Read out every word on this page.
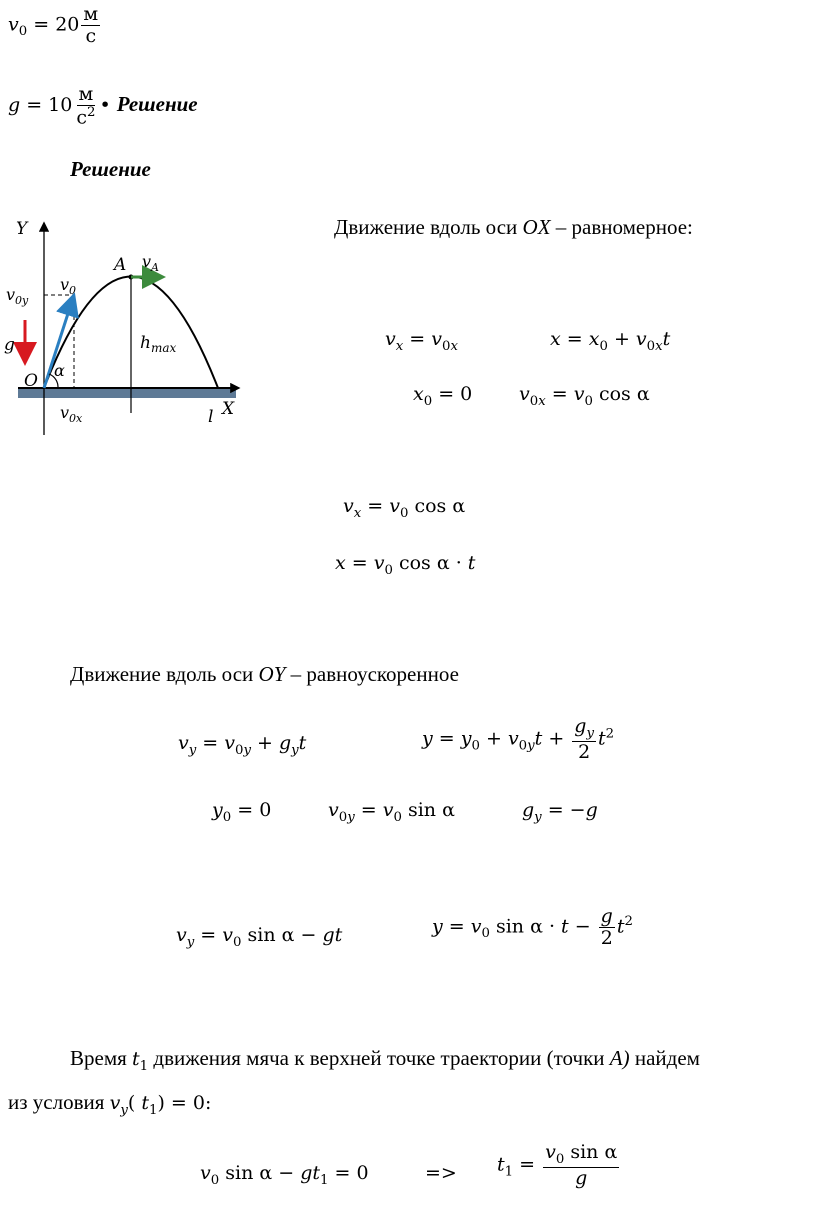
$v_0 = 20 \frac{м}{с}$
$g = 10 \frac{м}{с^2}$ • Решение
Решение
Y
X
O
A $v_A$
$v_0$
$v_{0y}$
$v_{0x}$
g
α
$h_{max}$
l
Движение вдоль оси OX – равномерное:
$v_x = v_{0x}$	$x = x_0 + v_{0x}t$
$x_0 = 0$ $v_{0x} = v_0$ cos α
$v_x = v_0$ cos α
$x = v_0$ cos α · t
Движение вдоль оси OY – равноускоренное
$v_y = v_{0y} + g_yt$	$y = y_0 + v_{0y}t + \frac{g_y}{2} t^2$
$y_0 = 0$	$v_{0y} = v_0$ sin α	$g_y = -g$
$v_y = v_0$ sin α − gt	$y = v_0$ $\sin \alpha \cdot t - \frac{g}{2} t^2$
Время $t_1$ движения мяча к верхней точке траектории (точки A) найдем
из условия $v_y$( $t_1) = 0$:
$v_0$ $\sin \alpha - gt_1 = 0$	=> $t_1 = \frac{v_0 \sin \alpha}{g}$
